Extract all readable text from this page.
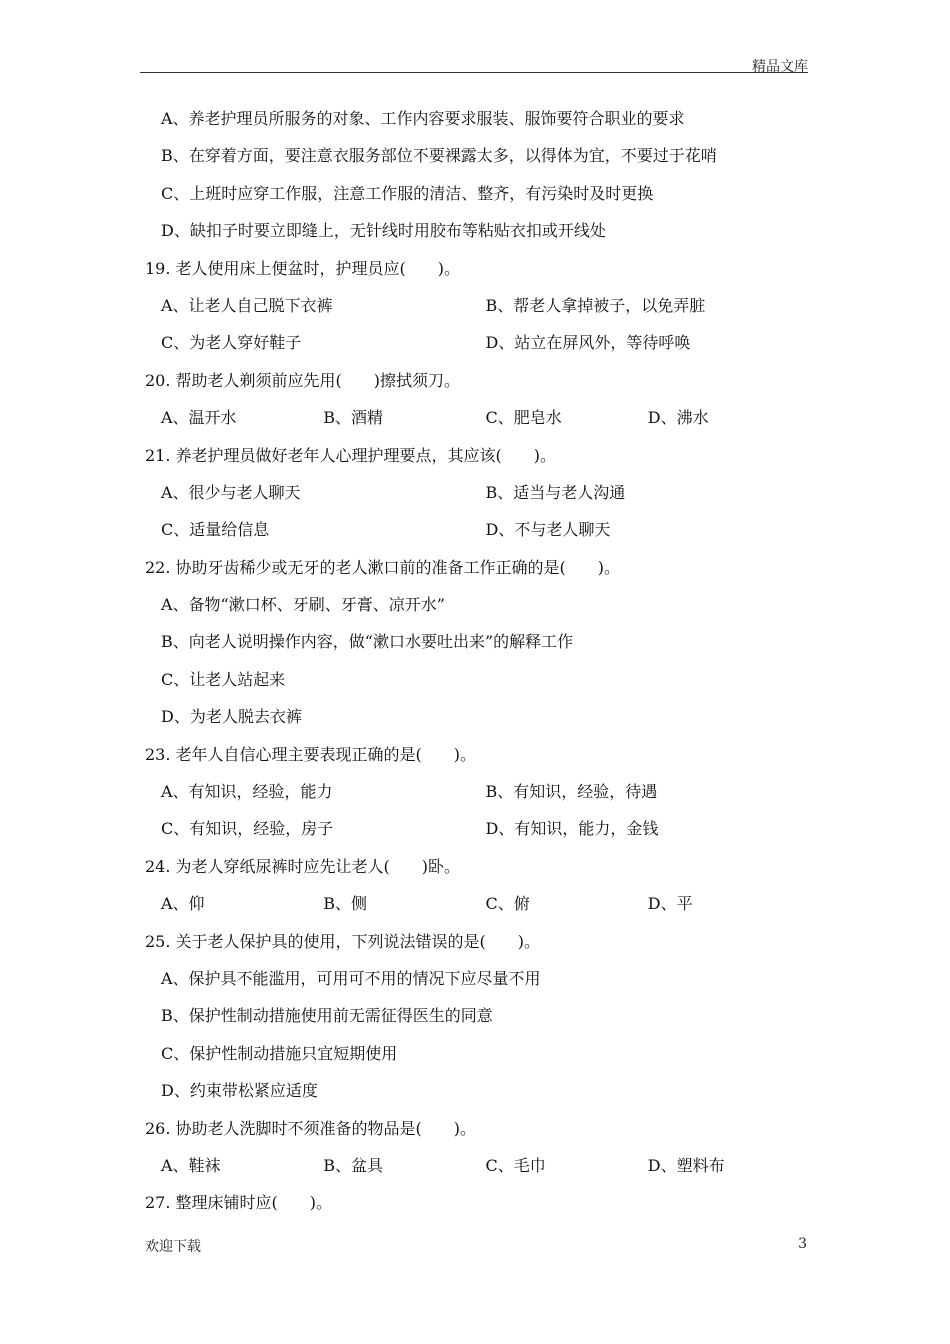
精品文库
A、养老护理员所服务的对象、工作内容要求服装、服饰要符合职业的要求
B、在穿着方面，要注意衣服务部位不要裸露太多，以得体为宜，不要过于花哨
C、上班时应穿工作服，注意工作服的清洁、整齐，有污染时及时更换
D、缺扣子时要立即缝上，无针线时用胶布等粘贴衣扣或开线处
19. 老人使用床上便盆时，护理员应(　　)。
A、让老人自己脱下衣裤	B、帮老人拿掉被子，以免弄脏
C、为老人穿好鞋子	D、站立在屏风外，等待呼唤
20. 帮助老人剃须前应先用(　　)擦拭须刀。
A、温开水	B、酒精	C、肥皂水	D、沸水
21. 养老护理员做好老年人心理护理要点，其应该(　　)。
A、很少与老人聊天	B、适当与老人沟通
C、适量给信息	D、不与老人聊天
22. 协助牙齿稀少或无牙的老人漱口前的准备工作正确的是(　　)。
A、备物“漱口杯、牙刷、牙膏、凉开水”
B、向老人说明操作内容，做“漱口水要吐出来”的解释工作
C、让老人站起来
D、为老人脱去衣裤
23. 老年人自信心理主要表现正确的是(　　)。
A、有知识，经验，能力	B、有知识，经验，待遇
C、有知识，经验，房子	D、有知识，能力，金钱
24. 为老人穿纸尿裤时应先让老人(　　)卧。
A、仰	B、侧	C、俯	D、平
25. 关于老人保护具的使用，下列说法错误的是(　　)。
A、保护具不能滥用，可用可不用的情况下应尽量不用
B、保护性制动措施使用前无需征得医生的同意
C、保护性制动措施只宜短期使用
D、约束带松紧应适度
26. 协助老人洗脚时不须准备的物品是(　　)。
A、鞋袜	B、盆具	C、毛巾	D、塑料布
27. 整理床铺时应(　　)。
欢迎下载	3
